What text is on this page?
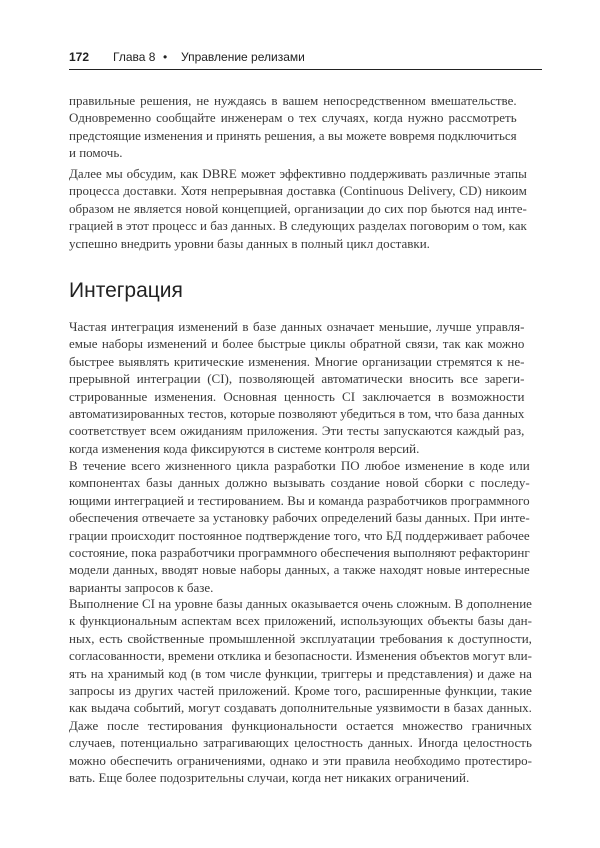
172 Глава 8 • Управление релизами
Интеграция

правильные решения, не нуждаясь в вашем непосредственном вмешательстве.
Одновременно сообщайте инженерам о тех случаях, когда нужно рассмотреть
предстоящие изменения и принять решения, а вы можете вовремя подключиться
и помочь.

Далее мы обсудим, как DBRE может эффективно поддерживать различные этапы
процесса доставки. Хотя непрерывная доставка (Continuous Delivery, CD) никоим
образом не является новой концепцией, организации до сих пор бьются над инте-
грацией в этот процесс и баз данных. В следующих разделах поговорим о том, как
успешно внедрить уровни базы данных в полный цикл доставки.

Частая интеграция изменений в базе данных означает меньшие, лучше управля-
емые наборы изменений и более быстрые циклы обратной связи, так как можно
быстрее выявлять критические изменения. Многие организации стремятся к не-
прерывной интеграции (CI), позволяющей автоматически вносить все зареги-
стрированные изменения. Основная ценность CI заключается в возможности
автоматизированных тестов, которые позволяют убедиться в том, что база данных
соответствует всем ожиданиям приложения. Эти тесты запускаются каждый раз,
когда изменения кода фиксируются в системе контроля версий.

В течение всего жизненного цикла разработки ПО любое изменение в коде или
компонентах базы данных должно вызывать создание новой сборки с последу-
ющими интеграцией и тестированием. Вы и команда разработчиков программного
обеспечения отвечаете за установку рабочих определений базы данных. При инте-
грации происходит постоянное подтверждение того, что БД поддерживает рабочее
состояние, пока разработчики программного обеспечения выполняют рефакторинг
модели данных, вводят новые наборы данных, а также находят новые интересные
варианты запросов к базе.

Выполнение CI на уровне базы данных оказывается очень сложным. В дополнение
к функциональным аспектам всех приложений, использующих объекты базы дан-
ных, есть свойственные промышленной эксплуатации требования к доступности,
согласованности, времени отклика и безопасности. Изменения объектов могут вли-
ять на хранимый код (в том числе функции, триггеры и представления) и даже на
запросы из других частей приложений. Кроме того, расширенные функции, такие
как выдача событий, могут создавать дополнительные уязвимости в базах данных.
Даже после тестирования функциональности остается множество граничных
случаев, потенциально затрагивающих целостность данных. Иногда целостность
можно обеспечить ограничениями, однако и эти правила необходимо протестиро-
вать. Еще более подозрительны случаи, когда нет никаких ограничений.
